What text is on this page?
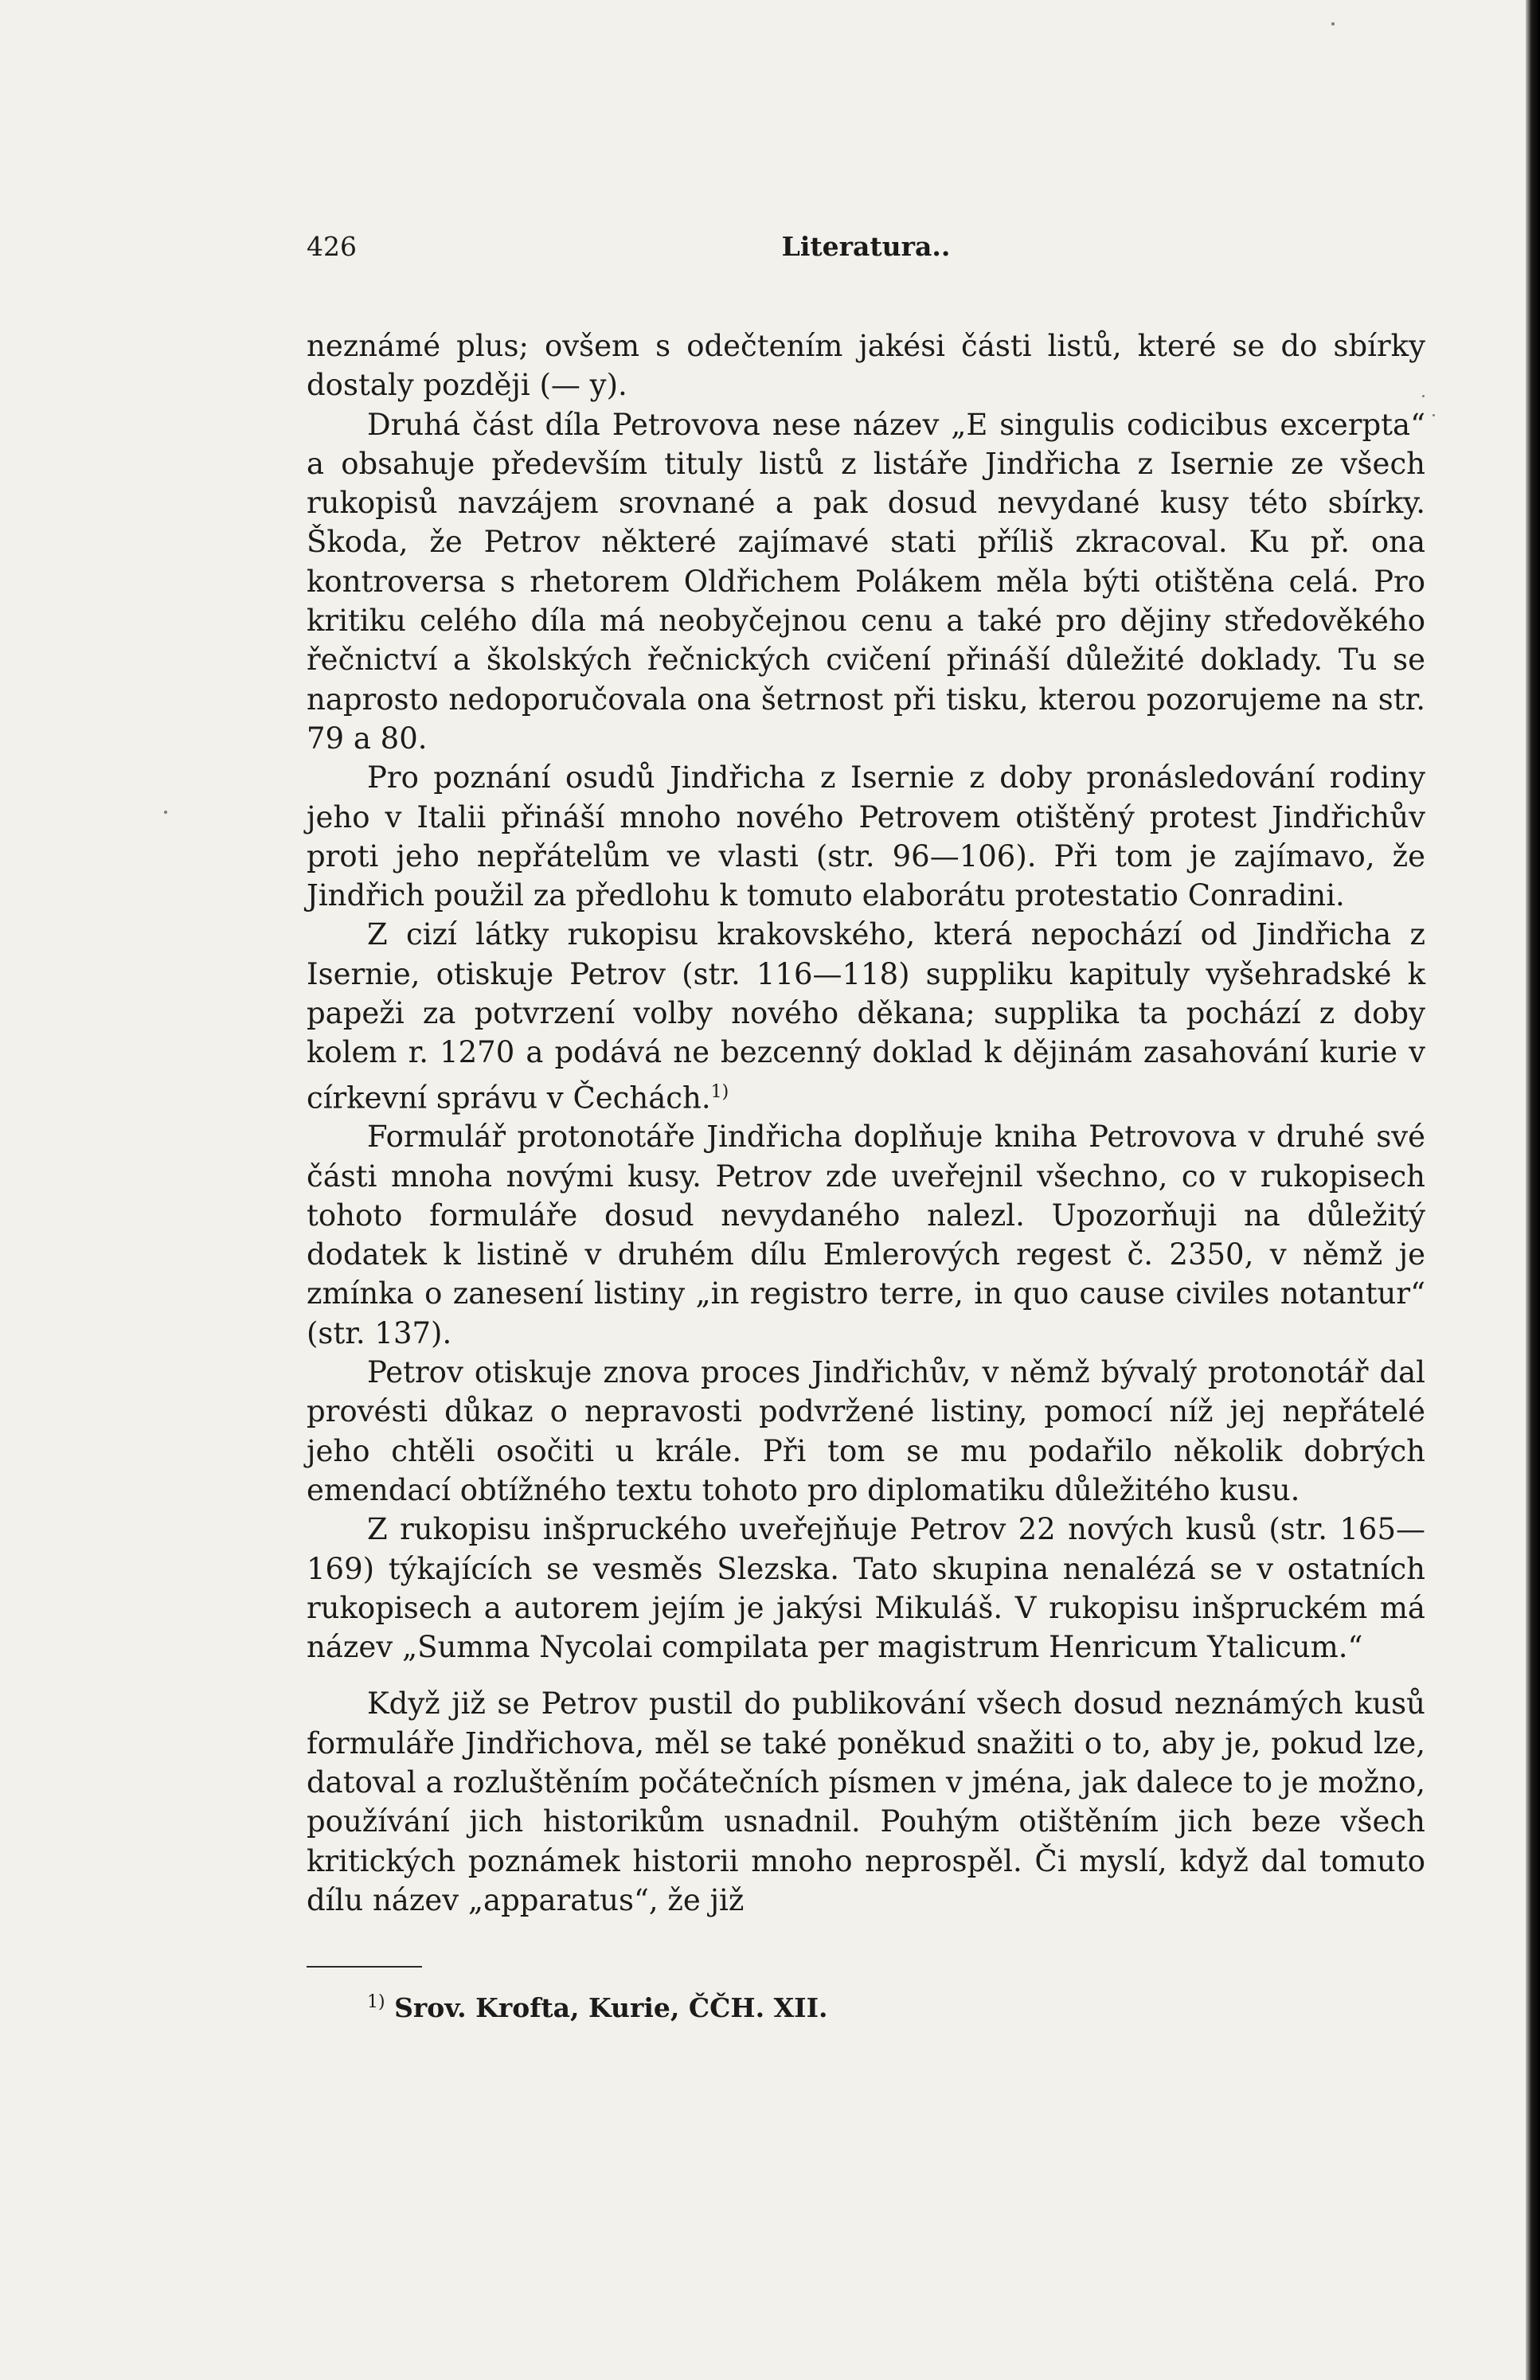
426	Literatura..

neznámé plus; ovšem s odečtením jakési části listů, které se do sbírky dostaly později (— y).

Druhá část díla Petrovova nese název „E singulis codicibus excerpta“ a obsahuje především tituly listů z listáře Jindřicha z Isernie ze všech rukopisů navzájem srovnané a pak dosud nevydané kusy této sbírky. Škoda, že Petrov některé zajímavé stati příliš zkracoval. Ku př. ona kontroversa s rhetorem Oldřichem Polákem měla býti otištěna celá. Pro kritiku celého díla má neobyčejnou cenu a také pro dějiny středověkého řečnictví a školských řečnických cvičení přináší důležité doklady. Tu se naprosto nedoporučovala ona šetrnost při tisku, kterou pozorujeme na str. 79 a 80.

Pro poznání osudů Jindřicha z Isernie z doby pronásledování rodiny jeho v Italii přináší mnoho nového Petrovem otištěný protest Jindřichův proti jeho nepřátelům ve vlasti (str. 96—106). Při tom je zajímavo, že Jindřich použil za předlohu k tomuto elaborátu protestatio Conradini.

Z cizí látky rukopisu krakovského, která nepochází od Jindřicha z Isernie, otiskuje Petrov (str. 116—118) suppliku kapituly vyšehradské k papeži za potvrzení volby nového děkana; supplika ta pochází z doby kolem r. 1270 a podává ne bezcenný doklad k dějinám zasahování kurie v církevní správu v Čechách.$^{1)}$

Formulář protonotáře Jindřicha doplňuje kniha Petrovova v druhé své části mnoha novými kusy. Petrov zde uveřejnil všechno, co v rukopisech tohoto formuláře dosud nevydaného nalezl. Upozorňuji na důležitý dodatek k listině v druhém dílu Emlerových regest č. 2350, v němž je zmínka o zanesení listiny „in registro terre, in quo cause civiles notantur“ (str. 137).

Petrov otiskuje znova proces Jindřichův, v němž bývalý protonotář dal provésti důkaz o nepravosti podvržené listiny, pomocí níž jej nepřátelé jeho chtěli osočiti u krále. Při tom se mu podařilo několik dobrých emendací obtížného textu tohoto pro diplomatiku důležitého kusu.

Z rukopisu inšpruckého uveřejňuje Petrov 22 nových kusů (str. 165—169) týkajících se vesměs Slezska. Tato skupina nenalézá se v ostatních rukopisech a autorem jejím je jakýsi Mikuláš. V rukopisu inšpruckém má název „Summa Nycolai compilata per magistrum Henricum Ytalicum.“

Když již se Petrov pustil do publikování všech dosud neznámých kusů formuláře Jindřichova, měl se také poněkud snažiti o to, aby je, pokud lze, datoval a rozluštěním počátečních písmen v jména, jak dalece to je možno, používání jich historikům usnadnil. Pouhým otištěním jich beze všech kritických poznámek historii mnoho neprospěl. Či myslí, když dal tomuto dílu název „apparatus“, že již

$^{1)}$ Srov. Krofta, Kurie, ČČH. XII.
